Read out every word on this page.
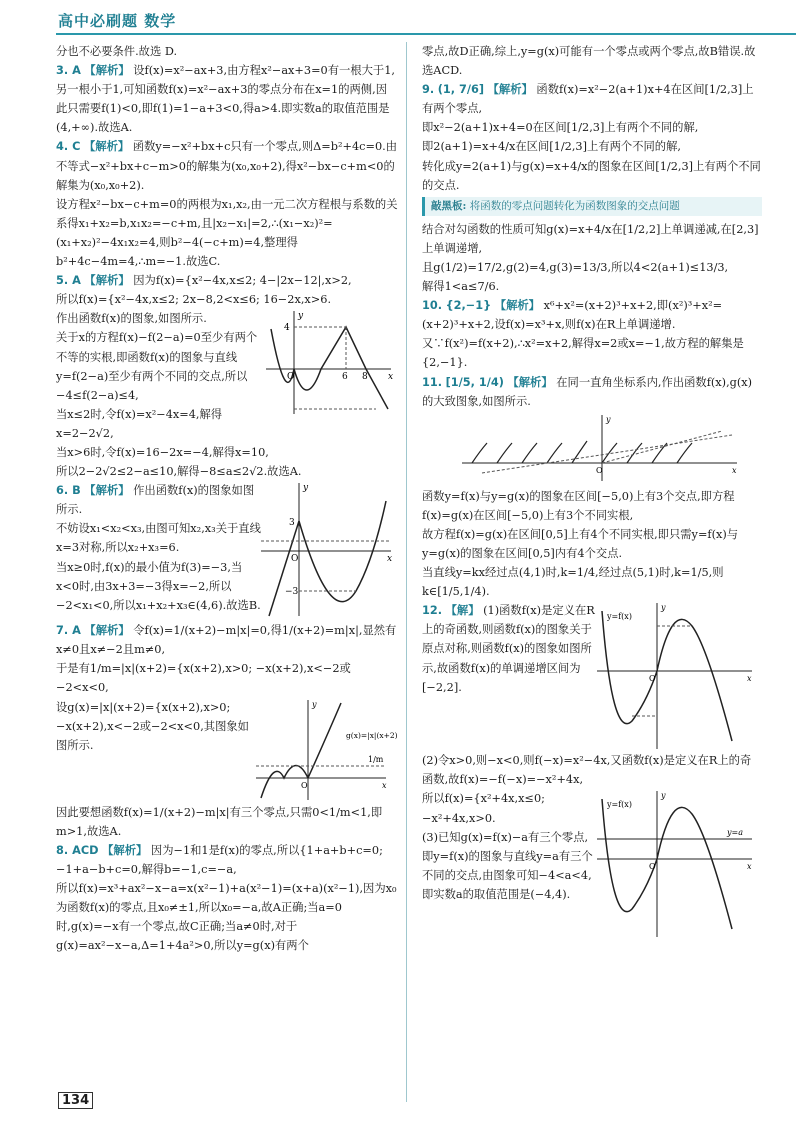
高中必刷题 数学

分也不必要条件.故选 D.

3. A 【解析】 设f(x)=x²−ax+3,由方程x²−ax+3=0有一根大于1,另一根小于1,可知函数f(x)=x²−ax+3的零点分布在x=1的两侧,因此只需要f(1)<0,即f(1)=1−a+3<0,得a>4.即实数a的取值范围是(4,+∞).故选A.
4. C 【解析】 函数y=−x²+bx+c只有一个零点,则Δ=b²+4c=0.由不等式−x²+bx+c−m>0的解集为(x₀,x₀+2),得x²−bx−c+m<0的解集为(x₀,x₀+2).

设方程x²−bx−c+m=0的两根为x₁,x₂,由一元二次方程根与系数的关系得x₁+x₂=b,x₁x₂=−c+m,且|x₂−x₁|=2,∴(x₁−x₂)²=(x₁+x₂)²−4x₁x₂=4,则b²−4(−c+m)=4,整理得b²+4c−4m=4,∴m=−1.故选C.

5. A 【解析】 因为f(x)={x²−4x,x≤2; 4−|2x−12|,x>2,

所以f(x)={x²−4x,x≤2; 2x−8,2<x≤6; 16−2x,x>6.

作出函数f(x)的图象,如图所示.

关于x的方程f(x)−f(2−a)=0至少有两个不等的实根,即函数f(x)的图象与直线y=f(2−a)至少有两个不同的交点,所以−4≤f(2−a)≤4,

当x≤2时,令f(x)=x²−4x=4,解得x=2−2√2,

4
O	6 8 x
y

当x>6时,令f(x)=16−2x=−4,解得x=10,

所以2−2√2≤2−a≤10,解得−8≤a≤2√2.故选A.

6. B 【解析】 作出函数f(x)的图象如图所示.

不妨设x₁<x₂<x₃,由图可知x₂,x₃关于直线x=3对称,所以x₂+x₃=6.

当x≥0时,f(x)的最小值为f(3)=−3,当x<0时,由3x+3=−3得x=−2,所以−2<x₁<0,所以x₁+x₂+x₃∈(4,6).故选B.

3
−3
O	x
y
7. A 【解析】 令f(x)=1/(x+2)−m|x|=0,得1/(x+2)=m|x|,显然有x≠0且x≠−2且m≠0,

于是有1/m=|x|(x+2)={x(x+2),x>0; −x(x+2),x<−2或−2<x<0,

设g(x)=|x|(x+2)={x(x+2),x>0; −x(x+2),x<−2或−2<x<0,其图象如图所示.

g(x)=|x|(x+2)
1/m
O	x
y

因此要想函数f(x)=1/(x+2)−m|x|有三个零点,只需0<1/m<1,即m>1,故选A.

8. ACD 【解析】 因为−1和1是f(x)的零点,所以{1+a+b+c=0; −1+a−b+c=0,解得b=−1,c=−a,

所以f(x)=x³+ax²−x−a=x(x²−1)+a(x²−1)=(x+a)(x²−1),因为x₀为函数f(x)的零点,且x₀≠±1,所以x₀=−a,故A正确;当a=0时,g(x)=−x有一个零点,故C正确;当a≠0时,对于g(x)=ax²−x−a,Δ=1+4a²>0,所以y=g(x)有两个

零点,故D正确,综上,y=g(x)可能有一个零点或两个零点,故B错误.故选ACD.

9. (1, 7/6] 【解析】 函数f(x)=x²−2(a+1)x+4在区间[1/2,3]上有两个零点,

即x²−2(a+1)x+4=0在区间[1/2,3]上有两个不同的解,

即2(a+1)=x+4/x在区间[1/2,3]上有两个不同的解,

转化成y=2(a+1)与g(x)=x+4/x的图象在区间[1/2,3]上有两个不同的交点.

敲黑板: 将函数的零点问题转化为函数图象的交点问题

结合对勾函数的性质可知g(x)=x+4/x在[1/2,2]上单调递减,在[2,3]上单调递增,

且g(1/2)=17/2,g(2)=4,g(3)=13/3,所以4<2(a+1)≤13/3,

解得1<a≤7/6.

10. {2,−1} 【解析】 x⁶+x²=(x+2)³+x+2,即(x²)³+x²=(x+2)³+x+2,设f(x)=x³+x,则f(x)在R上单调递增.

又∵f(x²)=f(x+2),∴x²=x+2,解得x=2或x=−1,故方程的解集是{2,−1}.

11. [1/5, 1/4) 【解析】 在同一直角坐标系内,作出函数f(x),g(x)的大致图象,如图所示.
x
y
O

函数y=f(x)与y=g(x)的图象在区间[−5,0)上有3个交点,即方程f(x)=g(x)在区间[−5,0)上有3个不同实根,

故方程f(x)=g(x)在区间[0,5]上有4个不同实根,即只需y=f(x)与y=g(x)的图象在区间[0,5]内有4个交点.

当直线y=kx经过点(4,1)时,k=1/4,经过点(5,1)时,k=1/5,则k∈[1/5,1/4).

12. 【解】 (1)函数f(x)是定义在R上的奇函数,则函数f(x)的图象关于原点对称,则函数f(x)的图象如图所示,故函数f(x)的单调递增区间为[−2,2].
y=f(x)
x
y
O

(2)令x>0,则−x<0,则f(−x)=x²−4x,又函数f(x)是定义在R上的奇函数,故f(x)=−f(−x)=−x²+4x,

所以f(x)={x²+4x,x≤0; −x²+4x,x>0.

(3)已知g(x)=f(x)−a有三个零点,即y=f(x)的图象与直线y=a有三个不同的交点,由图象可知−4<a<4,即实数a的取值范围是(−4,4).

y=f(x)
y=a
x
y
O
134
